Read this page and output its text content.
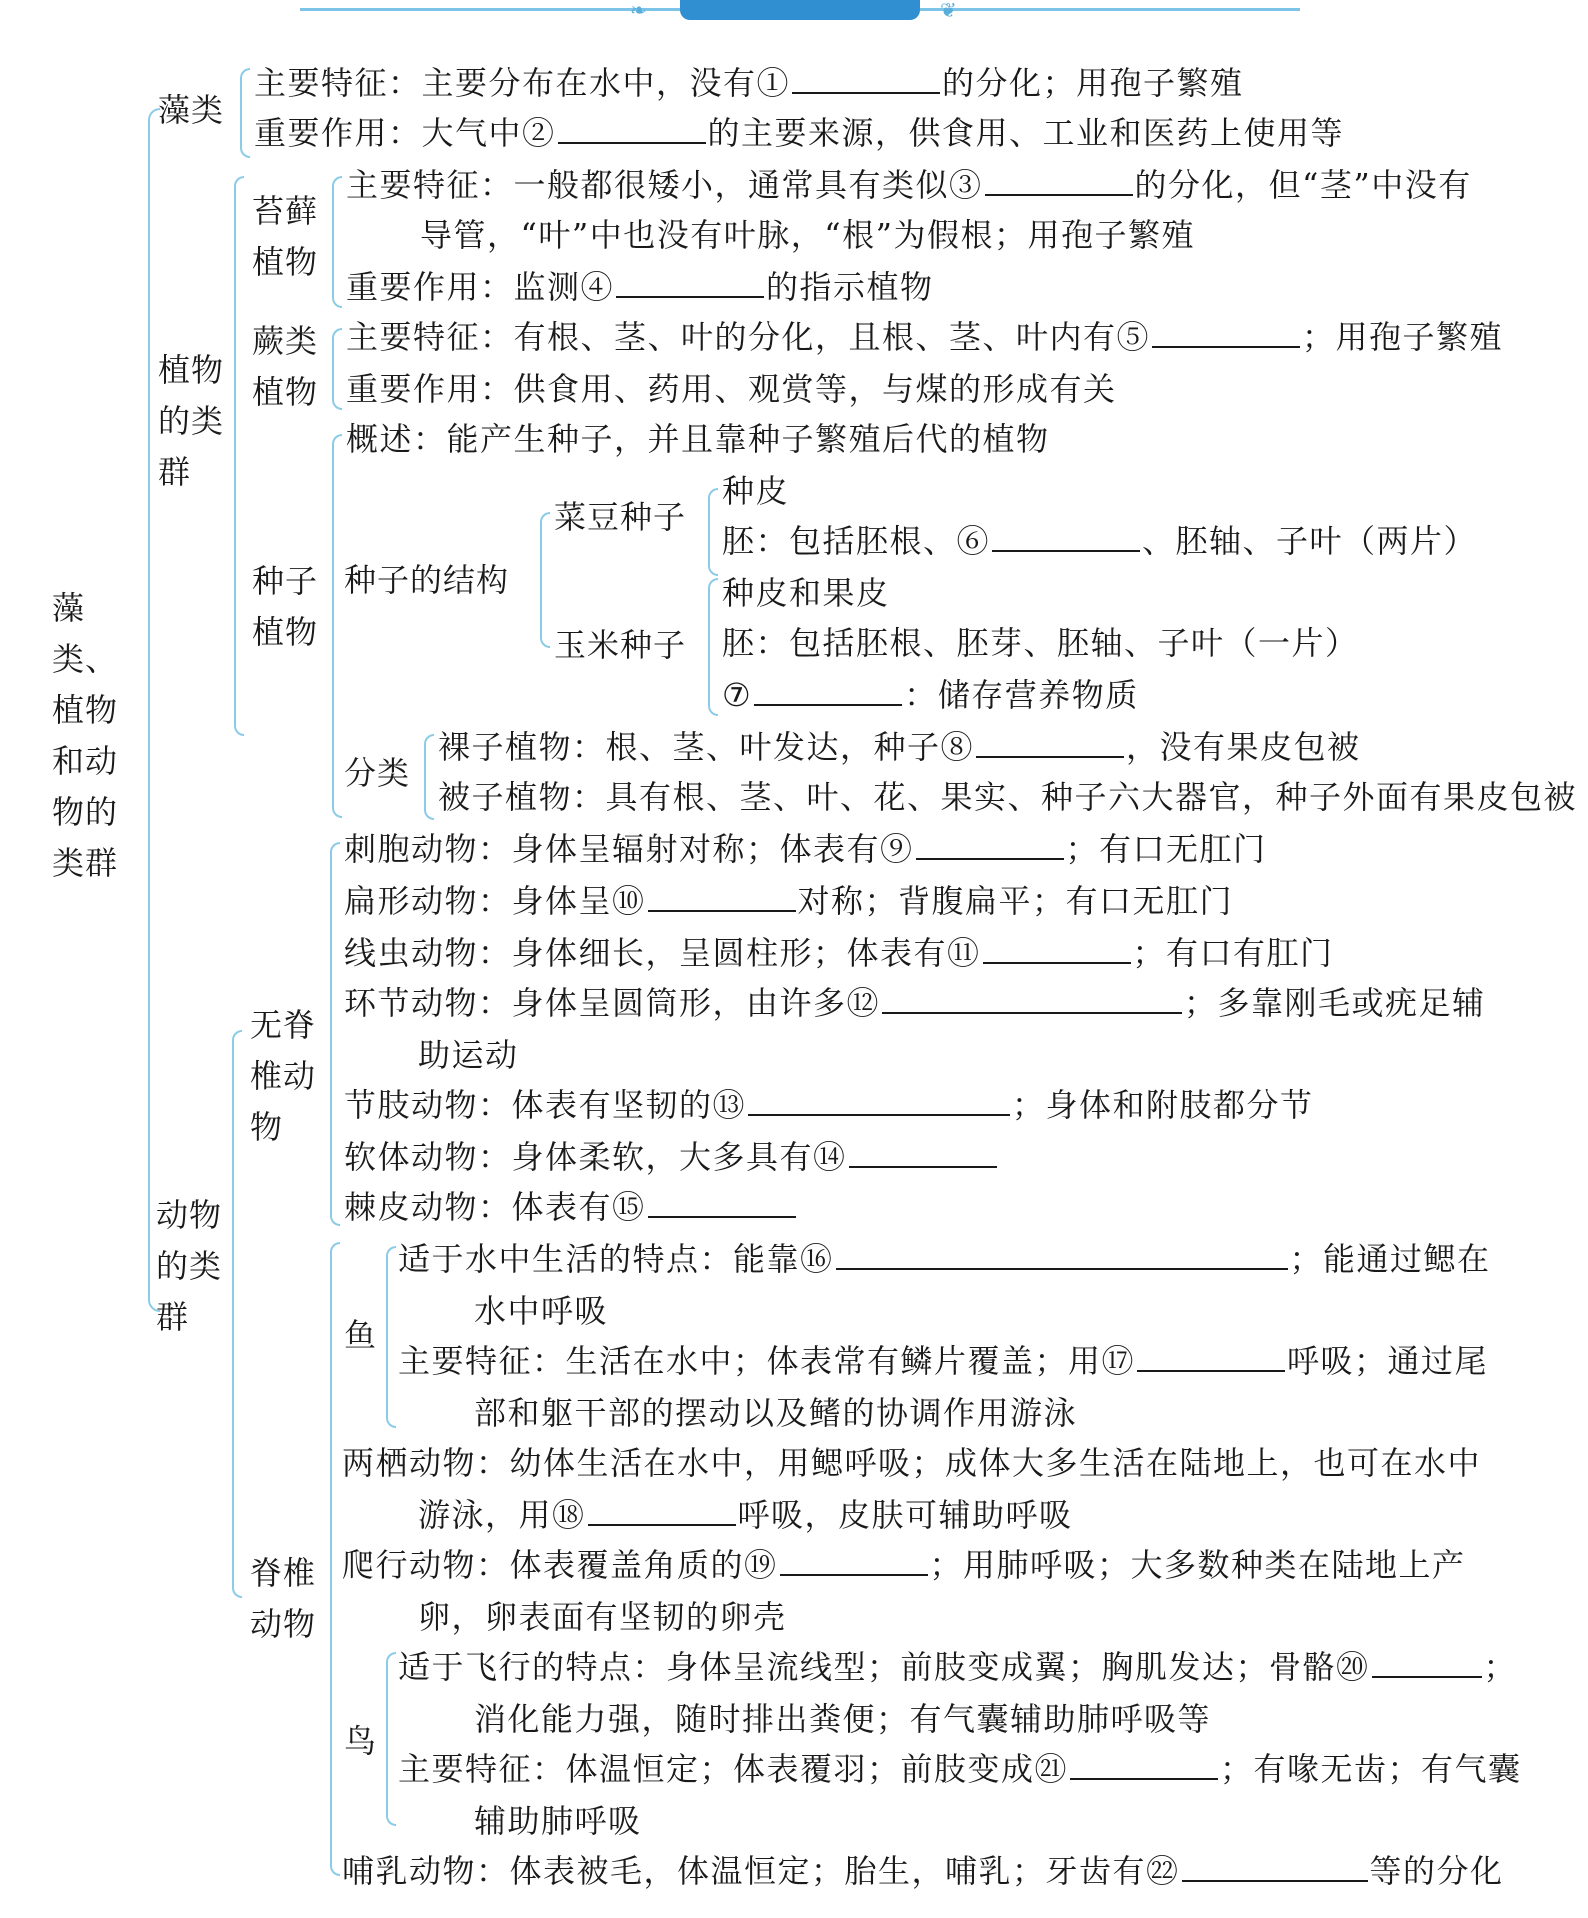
❧	❦
藻类、植物和动物的类群
藻类
植物的类群
苔藓植物
蕨类植物
种子植物
种子的结构
菜豆种子
玉米种子
分类
动物的类群
无脊椎动物
脊椎动物
鱼
鸟
主要特征：主要分布在水中，没有①	的分化；用孢子繁殖
重要作用：大气中②	的主要来源，供食用、工业和医药上使用等
主要特征：一般都很矮小，通常具有类似③	的分化，但“茎”中没有
导管，“叶”中也没有叶脉，“根”为假根；用孢子繁殖
重要作用：监测④	的指示植物
主要特征：有根、茎、叶的分化，且根、茎、叶内有⑤	；用孢子繁殖
重要作用：供食用、药用、观赏等，与煤的形成有关
概述：能产生种子，并且靠种子繁殖后代的植物
种皮
胚：包括胚根、⑥	、胚轴、子叶（两片）
种皮和果皮
胚：包括胚根、胚芽、胚轴、子叶（一片）
⑦	：储存营养物质
裸子植物：根、茎、叶发达，种子⑧	，没有果皮包被
被子植物：具有根、茎、叶、花、果实、种子六大器官，种子外面有果皮包被
刺胞动物：身体呈辐射对称；体表有⑨	；有口无肛门
扁形动物：身体呈⑩	对称；背腹扁平；有口无肛门
线虫动物：身体细长，呈圆柱形；体表有⑪	；有口有肛门
环节动物：身体呈圆筒形，由许多⑫	；多靠刚毛或疣足辅
助运动
节肢动物：体表有坚韧的⑬	；身体和附肢都分节
软体动物：身体柔软，大多具有⑭
棘皮动物：体表有⑮
适于水中生活的特点：能靠⑯	；能通过鳃在
水中呼吸
主要特征：生活在水中；体表常有鳞片覆盖；用⑰	呼吸；通过尾
部和躯干部的摆动以及鳍的协调作用游泳
两栖动物：幼体生活在水中，用鳃呼吸；成体大多生活在陆地上，也可在水中
游泳，用⑱	呼吸，皮肤可辅助呼吸
爬行动物：体表覆盖角质的⑲	；用肺呼吸；大多数种类在陆地上产
卵，卵表面有坚韧的卵壳
适于飞行的特点：身体呈流线型；前肢变成翼；胸肌发达；骨骼⑳	；
消化能力强，随时排出粪便；有气囊辅助肺呼吸等
主要特征：体温恒定；体表覆羽；前肢变成㉑	；有喙无齿；有气囊
辅助肺呼吸
哺乳动物：体表被毛，体温恒定；胎生，哺乳；牙齿有㉒	等的分化
